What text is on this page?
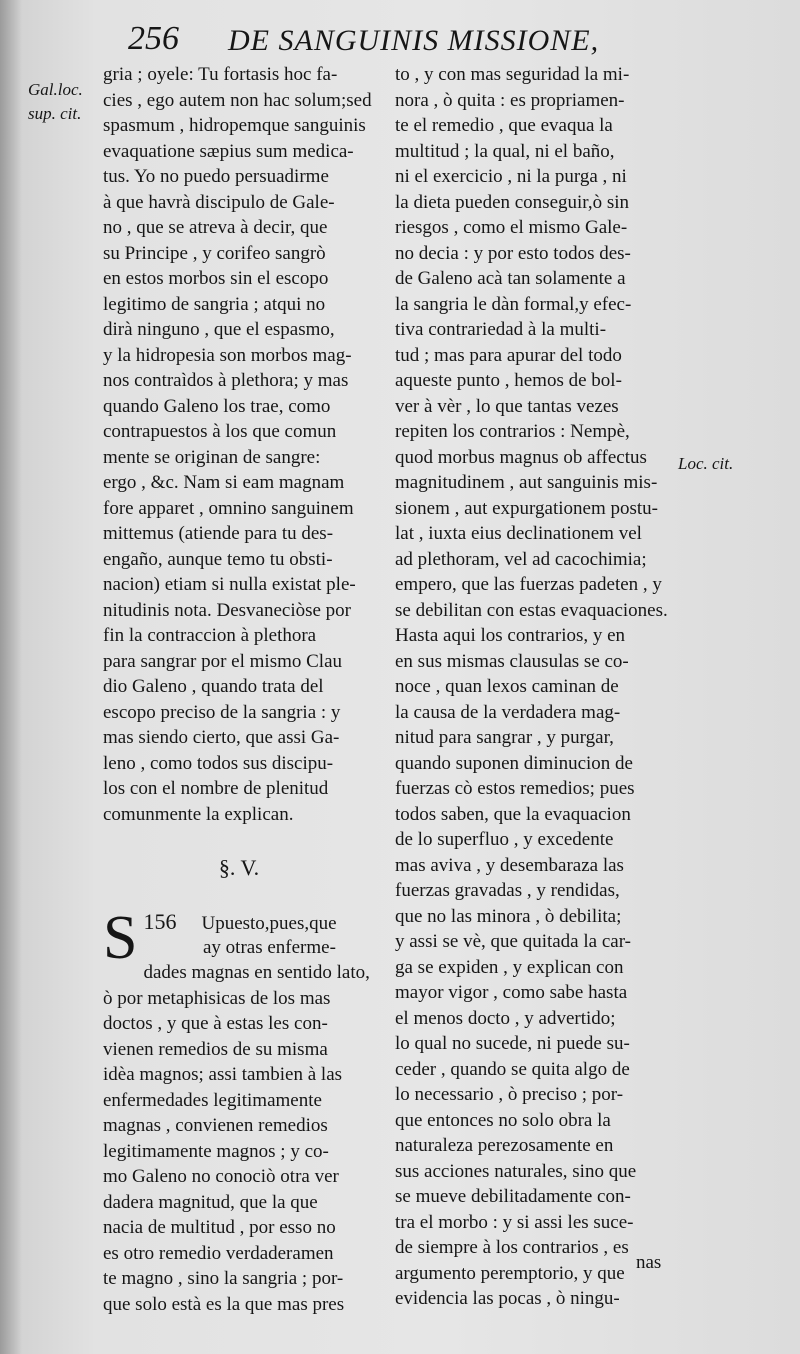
256 DE SANGUINIS MISSIONE,
Gal.loc.
sup. cit.
Loc. cit.
gria ; oyele: Tu fortasis hoc fa-
cies , ego autem non hac solum;sed
spasmum , hidropemque sanguinis
evaquatione sæpius sum medica-
tus. Yo no puedo persuadirme
à que havrà discipulo de Gale-
no , que se atreva à decir, que
su Principe , y corifeo sangrò
en estos morbos sin el escopo
legitimo de sangria ; atqui no
dirà ninguno , que el espasmo,
y la hidropesia son morbos mag-
nos contraìdos à plethora; y mas
quando Galeno los trae, como
contrapuestos à los que comun
mente se originan de sangre:
ergo , &c. Nam si eam magnam
fore apparet , omnino sanguinem
mittemus (atiende para tu des-
engaño, aunque temo tu obsti-
nacion) etiam si nulla existat ple-
nitudinis nota. Desvaneciòse por
fin la contraccion à plethora
para sangrar por el mismo Clau
dio Galeno , quando trata del
escopo preciso de la sangria : y
mas siendo cierto, que assi Ga-
leno , como todos sus discipu-
los con el nombre de plenitud
comunmente la explican.
§. V.
156
S	Upuesto,pues,que
ay otras enferme-
dades magnas en sentido lato,
ò por metaphisicas de los mas
doctos , y que à estas les con-
vienen remedios de su misma
idèa magnos; assi tambien à las
enfermedades legitimamente
magnas , convienen remedios
legitimamente magnos ; y co-
mo Galeno no conociò otra ver
dadera magnitud, que la que
nacia de multitud , por esso no
es otro remedio verdaderamen
te magno , sino la sangria ; por-
que solo està es la que mas pres
to , y con mas seguridad la mi-
nora , ò quita : es propriamen-
te el remedio , que evaqua la
multitud ; la qual, ni el baño,
ni el exercicio , ni la purga , ni
la dieta pueden conseguir,ò sin
riesgos , como el mismo Gale-
no decia : y por esto todos des-
de Galeno acà tan solamente a
la sangria le dàn formal,y efec-
tiva contrariedad à la multi-
tud ; mas para apurar del todo
aqueste punto , hemos de bol-
ver à vèr , lo que tantas vezes
repiten los contrarios : Nempè,
quod morbus magnus ob affectus
magnitudinem , aut sanguinis mis-
sionem , aut expurgationem postu-
lat , iuxta eius declinationem vel
ad plethoram, vel ad cacochimia;
empero, que las fuerzas padeten , y
se debilitan con estas evaquaciones.
Hasta aqui los contrarios, y en
en sus mismas clausulas se co-
noce , quan lexos caminan de
la causa de la verdadera mag-
nitud para sangrar , y purgar,
quando suponen diminucion de
fuerzas cò estos remedios; pues
todos saben, que la evaquacion
de lo superfluo , y excedente
mas aviva , y desembaraza las
fuerzas gravadas , y rendidas,
que no las minora , ò debilita;
y assi se vè, que quitada la car-
ga se expiden , y explican con
mayor vigor , como sabe hasta
el menos docto , y advertido;
lo qual no sucede, ni puede su-
ceder , quando se quita algo de
lo necessario , ò preciso ; por-
que entonces no solo obra la
naturaleza perezosamente en
sus acciones naturales, sino que
se mueve debilitadamente con-
tra el morbo : y si assi les suce-
de siempre à los contrarios , es
argumento peremptorio, y que
evidencia las pocas , ò ningu-
nas
